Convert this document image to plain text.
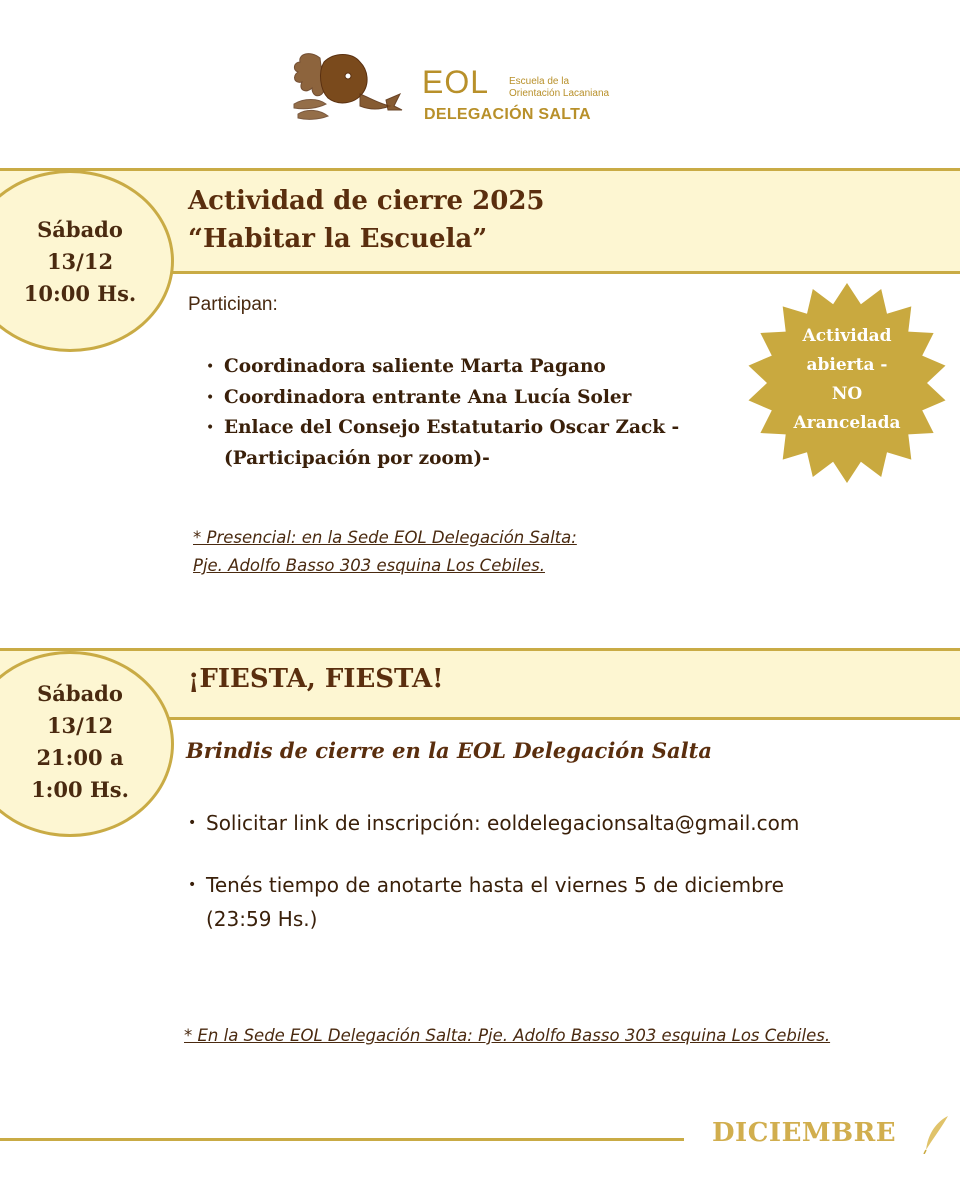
EOL Escuela de la
Orientación Lacaniana
DELEGACIÓN SALTA
Sábado
13/12
10:00 Hs.
Actividad de cierre 2025
“Habitar la Escuela”
Participan:
• Coordinadora saliente Marta Pagano
• Coordinadora entrante Ana Lucía Soler
• Enlace del Consejo Estatutario Oscar Zack -(Participación por zoom)-
* Presencial: en la Sede EOL Delegación Salta:
Pje. Adolfo Basso 303 esquina Los Cebiles.
Actividad
abierta -
NO
Arancelada
Sábado
13/12
21:00 a
1:00 Hs.
¡FIESTA, FIESTA!
Brindis de cierre en la EOL Delegación Salta
• Solicitar link de inscripción: eoldelegacionsalta@gmail.com
• Tenés tiempo de anotarte hasta el viernes 5 de diciembre (23:59 Hs.)
* En la Sede EOL Delegación Salta: Pje. Adolfo Basso 303 esquina Los Cebiles.
DICIEMBRE
